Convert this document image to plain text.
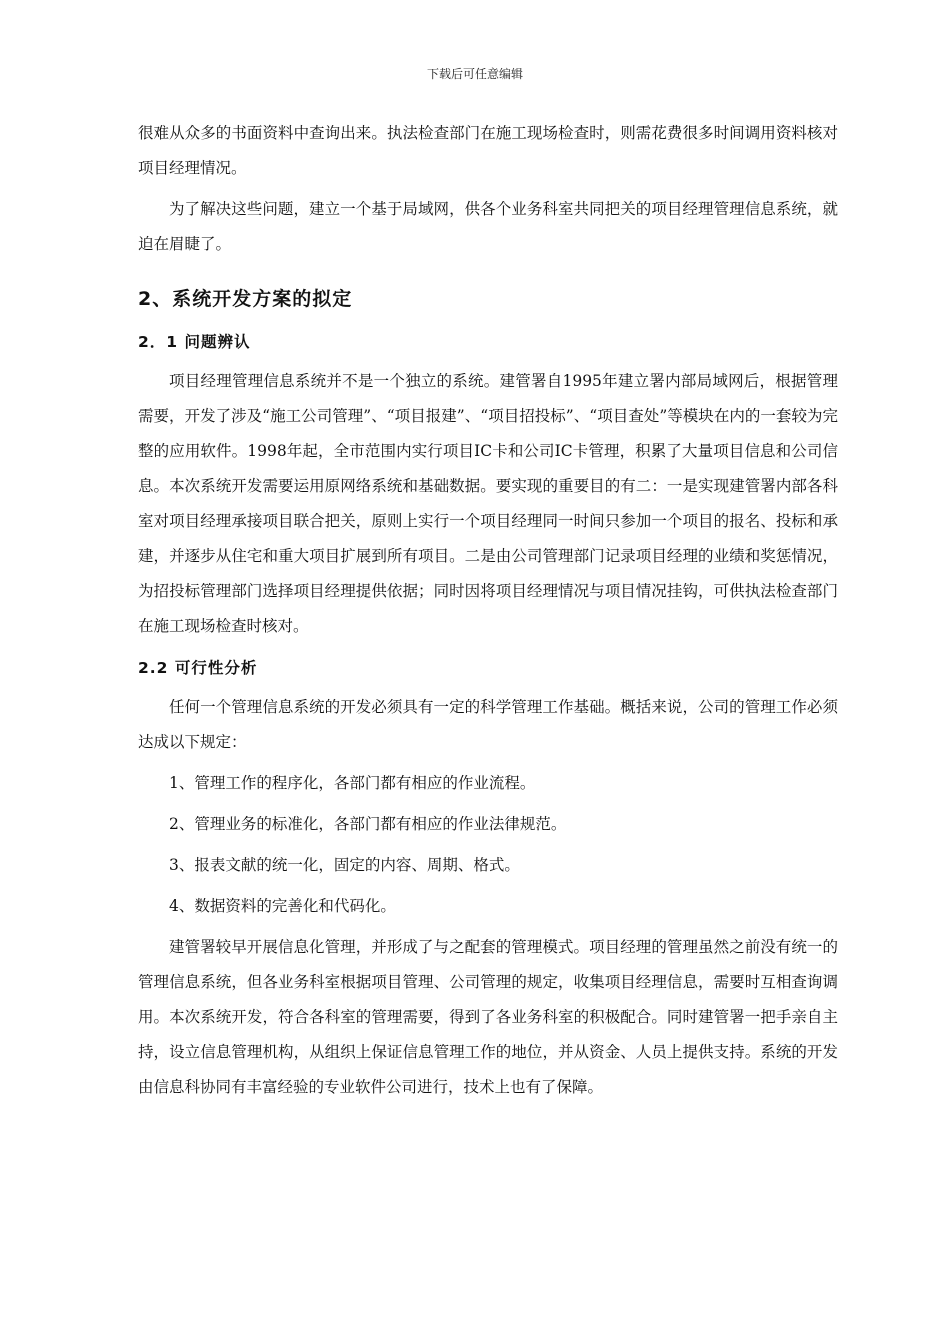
下载后可任意编辑

很难从众多的书面资料中查询出来。执法检查部门在施工现场检查时，则需花费很多时间调用资料核对项目经理情况。

为了解决这些问题，建立一个基于局域网，供各个业务科室共同把关的项目经理管理信息系统，就迫在眉睫了。

2、系统开发方案的拟定
2．1 问题辨认

项目经理管理信息系统并不是一个独立的系统。建管署自1995年建立署内部局域网后，根据管理需要，开发了涉及“施工公司管理”、“项目报建”、“项目招投标”、“项目查处”等模块在内的一套较为完整的应用软件。1998年起，全市范围内实行项目IC卡和公司IC卡管理，积累了大量项目信息和公司信息。本次系统开发需要运用原网络系统和基础数据。要实现的重要目的有二：一是实现建管署内部各科室对项目经理承接项目联合把关，原则上实行一个项目经理同一时间只参加一个项目的报名、投标和承建，并逐步从住宅和重大项目扩展到所有项目。二是由公司管理部门记录项目经理的业绩和奖惩情况，为招投标管理部门选择项目经理提供依据；同时因将项目经理情况与项目情况挂钩，可供执法检查部门在施工现场检查时核对。

2.2 可行性分析

任何一个管理信息系统的开发必须具有一定的科学管理工作基础。概括来说，公司的管理工作必须达成以下规定：

1、管理工作的程序化，各部门都有相应的作业流程。

2、管理业务的标准化，各部门都有相应的作业法律规范。

3、报表文献的统一化，固定的内容、周期、格式。

4、数据资料的完善化和代码化。

建管署较早开展信息化管理，并形成了与之配套的管理模式。项目经理的管理虽然之前没有统一的管理信息系统，但各业务科室根据项目管理、公司管理的规定，收集项目经理信息，需要时互相查询调用。本次系统开发，符合各科室的管理需要，得到了各业务科室的积极配合。同时建管署一把手亲自主持，设立信息管理机构，从组织上保证信息管理工作的地位，并从资金、人员上提供支持。系统的开发由信息科协同有丰富经验的专业软件公司进行，技术上也有了保障。
